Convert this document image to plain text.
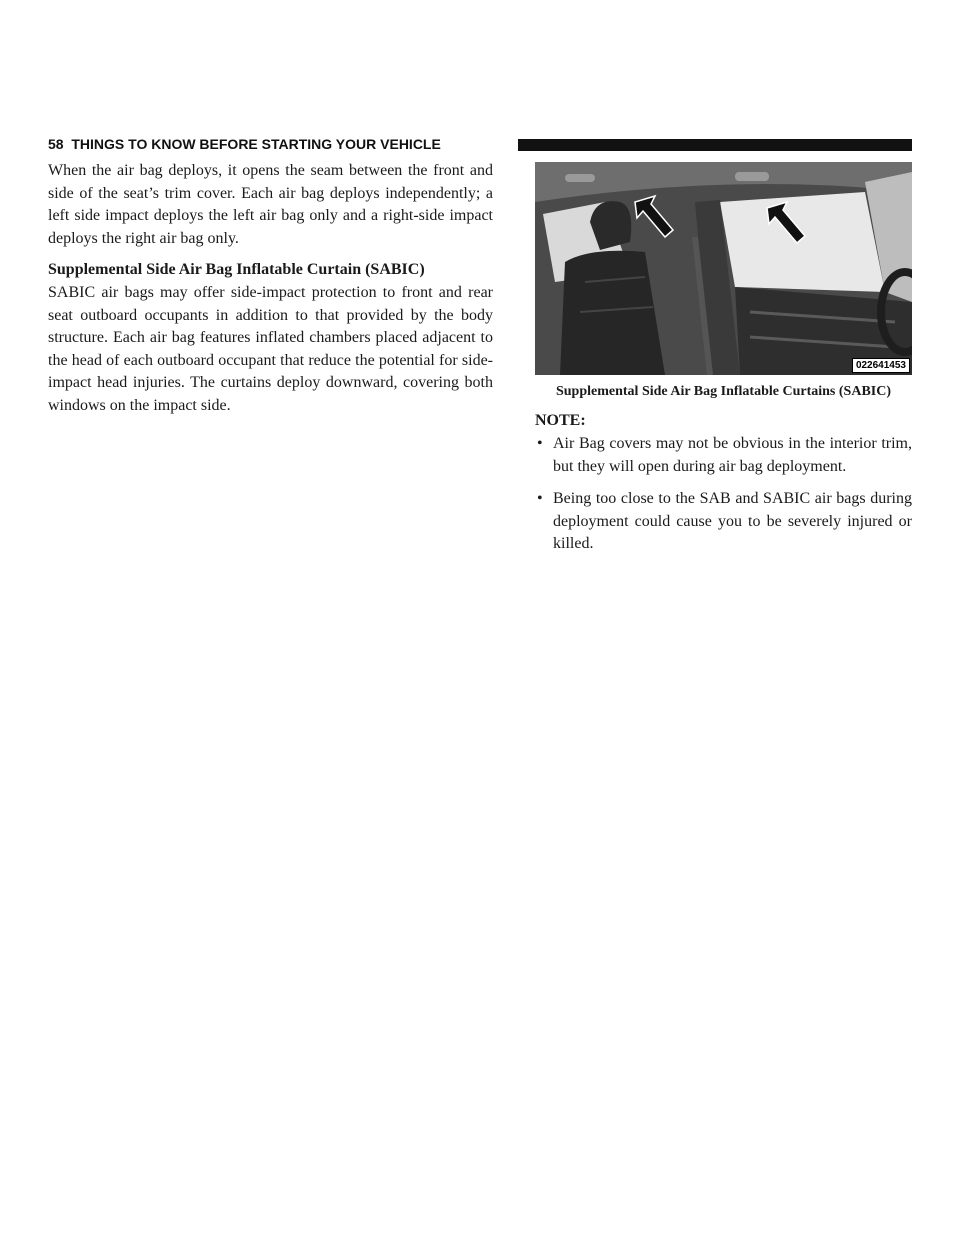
58 THINGS TO KNOW BEFORE STARTING YOUR VEHICLE

When the air bag deploys, it opens the seam between the front and side of the seat’s trim cover. Each air bag deploys independently; a left side impact deploys the left air bag only and a right-side impact deploys the right air bag only.

Supplemental Side Air Bag Inflatable Curtain (SABIC)

SABIC air bags may offer side-impact protection to front and rear seat outboard occupants in addition to that provided by the body structure. Each air bag features inflated chambers placed adjacent to the head of each outboard occupant that reduce the potential for side-impact head injuries. The curtains deploy downward, covering both windows on the impact side.

022641453
Supplemental Side Air Bag Inflatable Curtains (SABIC)
NOTE:
• Air Bag covers may not be obvious in the interior trim, but they will open during air bag deployment.
• Being too close to the SAB and SABIC air bags during deployment could cause you to be severely injured or killed.
